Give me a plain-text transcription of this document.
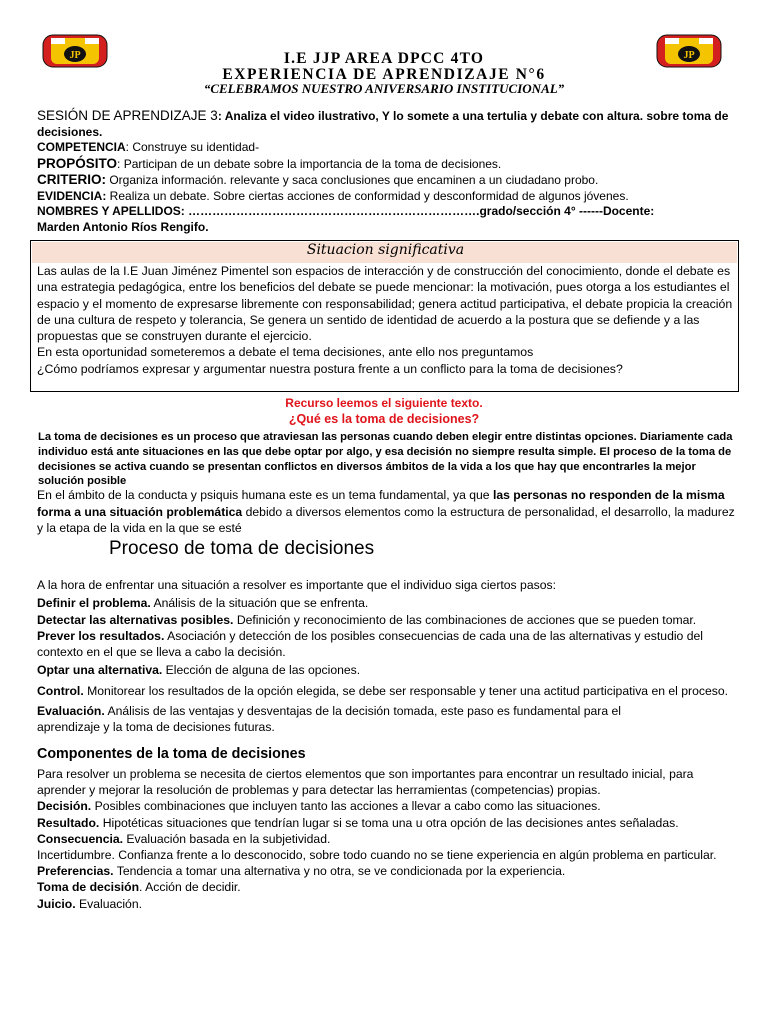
JP	JP
I.E JJP AREA DPCC 4TO
EXPERIENCIA DE APRENDIZAJE N°6
“CELEBRAMOS NUESTRO ANIVERSARIO INSTITUCIONAL”

SESIÓN DE APRENDIZAJE 3: Analiza el video ilustrativo, Y lo somete a una tertulia y debate con altura. sobre toma de decisiones.

COMPETENCIA: Construye su identidad-

PROPÓSITO: Participan de un debate sobre la importancia de la toma de decisiones.

CRITERIO: Organiza información. relevante y saca conclusiones que encaminen a un ciudadano probo.

EVIDENCIA: Realiza un debate. Sobre ciertas acciones de conformidad y desconformidad de algunos jóvenes.

NOMBRES Y APELLIDOS: ……………………………………………………………….grado/sección 4° ------Docente:

Marden Antonio Ríos Rengifo.

Situacion significativa

Las aulas de la I.E Juan Jiménez Pimentel son espacios de interacción y de construcción del conocimiento, donde el debate es una estrategia pedagógica, entre los beneficios del debate se puede mencionar: la motivación, pues otorga a los estudiantes el espacio y el momento de expresarse libremente con responsabilidad; genera actitud participativa, el debate propicia la creación de una cultura de respeto y tolerancia, Se genera un sentido de identidad de acuerdo a la postura que se defiende y a las propuestas que se construyen durante el ejercicio.

En esta oportunidad someteremos a debate el tema decisiones, ante ello nos preguntamos

¿Cómo podríamos expresar y argumentar nuestra postura frente a un conflicto para la toma de decisiones?

Recurso leemos el siguiente texto.
¿Qué es la toma de decisiones?
La toma de decisiones es un proceso que atraviesan las personas cuando deben elegir entre distintas opciones. Diariamente cada individuo está ante situaciones en las que debe optar por algo, y esa decisión no siempre resulta simple. El proceso de la toma de decisiones se activa cuando se presentan conflictos en diversos ámbitos de la vida a los que hay que encontrarles la mejor solución posible
En el ámbito de la conducta y psiquis humana este es un tema fundamental, ya que las personas no responden de la misma forma a una situación problemática debido a diversos elementos como la estructura de personalidad, el desarrollo, la madurez y la etapa de la vida en la que se esté
Proceso de toma de decisiones

A la hora de enfrentar una situación a resolver es importante que el individuo siga ciertos pasos:

Definir el problema. Análisis de la situación que se enfrenta.

Detectar las alternativas posibles. Definición y reconocimiento de las combinaciones de acciones que se pueden tomar.

Prever los resultados. Asociación y detección de los posibles consecuencias de cada una de las alternativas y estudio del contexto en el que se lleva a cabo la decisión.

Optar una alternativa. Elección de alguna de las opciones.

Control. Monitorear los resultados de la opción elegida, se debe ser responsable y tener una actitud participativa en el proceso.

Evaluación. Análisis de las ventajas y desventajas de la decisión tomada, este paso es fundamental para el aprendizaje y la toma de decisiones futuras.

Componentes de la toma de decisiones

Para resolver un problema se necesita de ciertos elementos que son importantes para encontrar un resultado inicial, para aprender y mejorar la resolución de problemas y para detectar las herramientas (competencias) propias.

Decisión. Posibles combinaciones que incluyen tanto las acciones a llevar a cabo como las situaciones.

Resultado. Hipotéticas situaciones que tendrían lugar si se toma una u otra opción de las decisiones antes señaladas.

Consecuencia. Evaluación basada en la subjetividad.

Incertidumbre. Confianza frente a lo desconocido, sobre todo cuando no se tiene experiencia en algún problema en particular.

Preferencias. Tendencia a tomar una alternativa y no otra, se ve condicionada por la experiencia.

Toma de decisión. Acción de decidir.

Juicio. Evaluación.
